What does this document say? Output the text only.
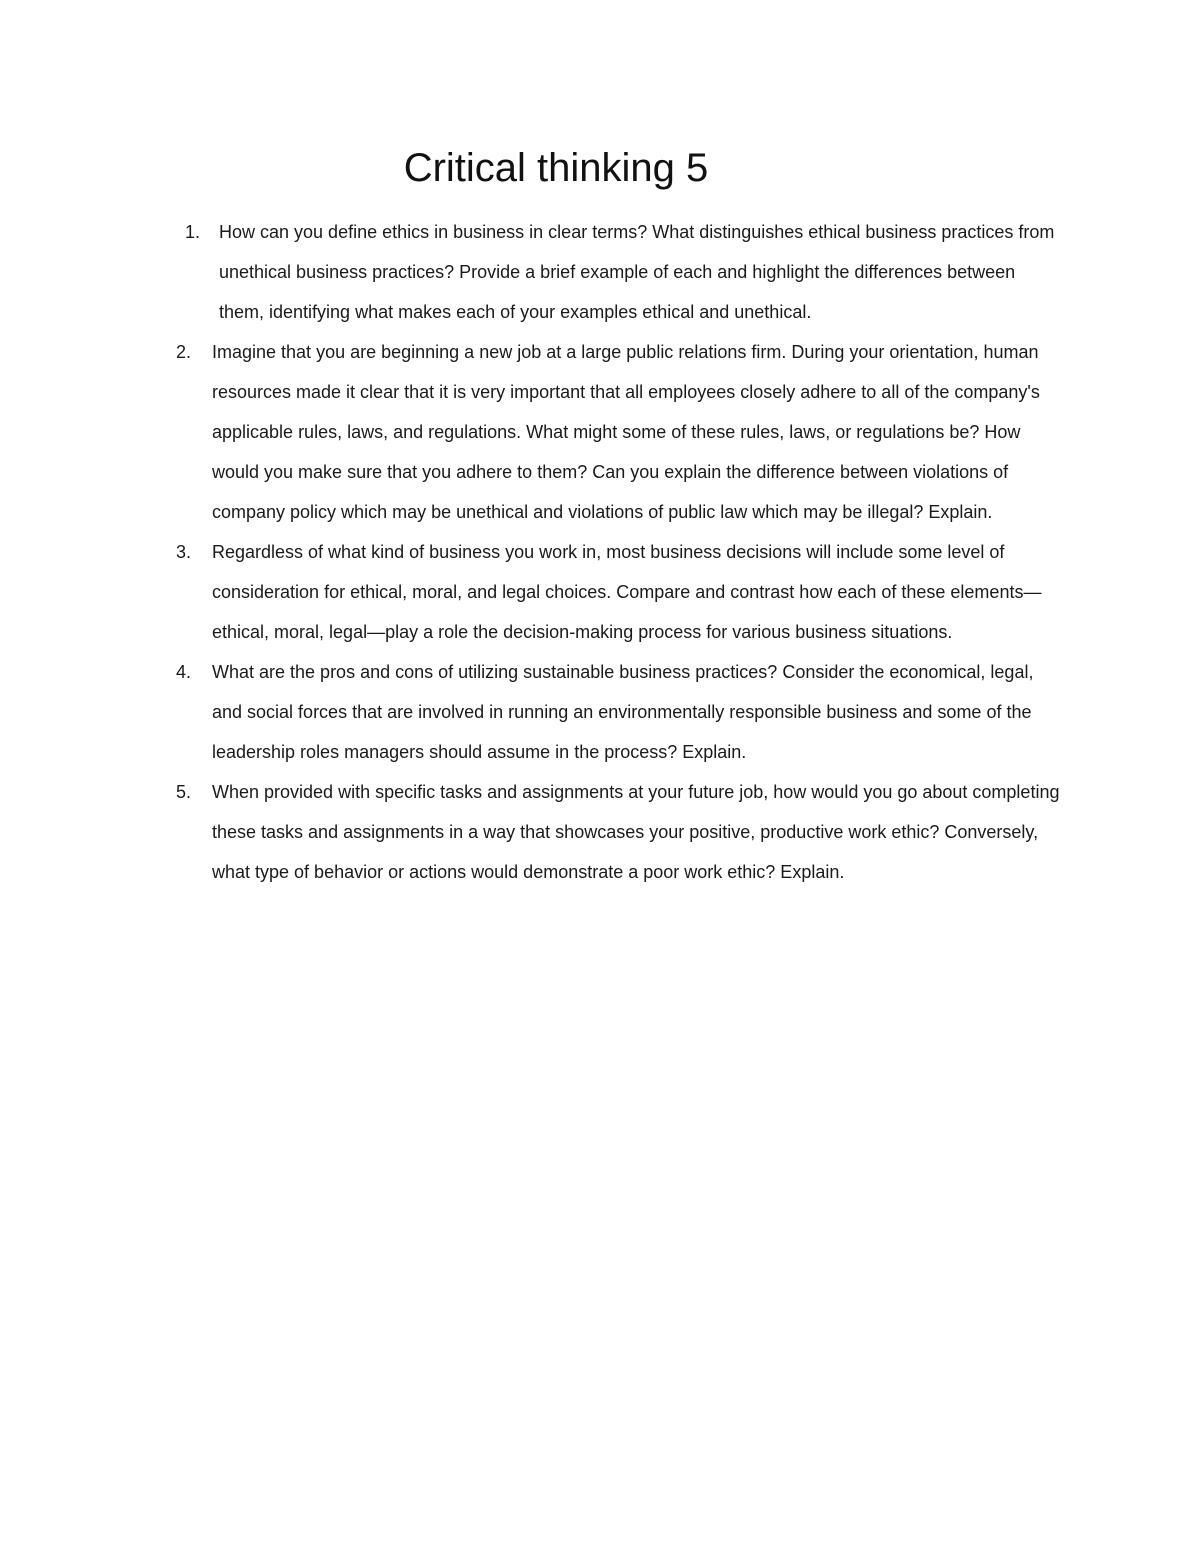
Critical thinking 5
1.	How can you define ethics in business in clear terms? What distinguishes ethical business practices from unethical business practices? Provide a brief example of each and highlight the differences between them, identifying what makes each of your examples ethical and unethical.
2.	Imagine that you are beginning a new job at a large public relations firm. During your orientation, human resources made it clear that it is very important that all employees closely adhere to all of the company's applicable rules, laws, and regulations. What might some of these rules, laws, or regulations be? How would you make sure that you adhere to them? Can you explain the difference between violations of company policy which may be unethical and violations of public law which may be illegal? Explain.
3.	Regardless of what kind of business you work in, most business decisions will include some level of consideration for ethical, moral, and legal choices. Compare and contrast how each of these elements—ethical, moral, legal—play a role the decision-making process for various business situations.
4.	What are the pros and cons of utilizing sustainable business practices? Consider the economical, legal, and social forces that are involved in running an environmentally responsible business and some of the leadership roles managers should assume in the process? Explain.
5.	When provided with specific tasks and assignments at your future job, how would you go about completing these tasks and assignments in a way that showcases your positive, productive work ethic? Conversely, what type of behavior or actions would demonstrate a poor work ethic? Explain.
